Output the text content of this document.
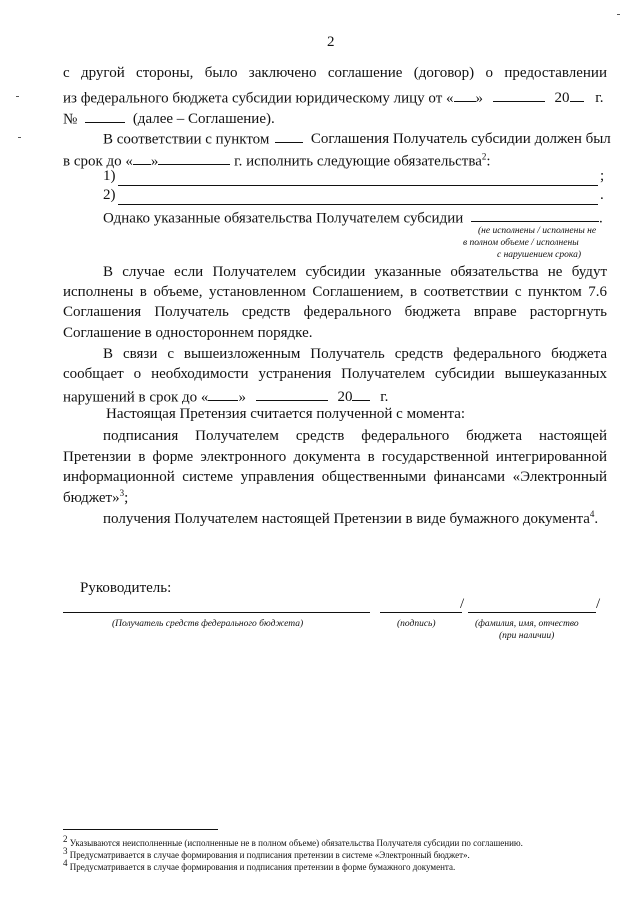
2
с другой стороны, было заключено соглашение (договор) о предоставлении
из федерального бюджета субсидии юридическому лицу от « »	20 г.
№	(далее – Соглашение).
В соответствии с пунктом	Соглашения Получатель субсидии должен был
в срок до « »	г. исполнить следующие обязательства$^2$:
1)	;
2)	.
Однако указанные обязательства Получателем субсидии	.
(не исполнены / исполнены не
в полном объеме / исполнены
с нарушением срока)
В случае если Получателем субсидии указанные обязательства не будут
исполнены в объеме, установленном Соглашением, в соответствии с пунктом 7.6
Соглашения Получатель средств федерального бюджета вправе расторгнуть
Соглашение в одностороннем порядке.
В связи с вышеизложенным Получатель средств федерального бюджета
сообщает о необходимости устранения Получателем субсидии вышеуказанных
нарушений в срок до « »	20 г.
Настоящая Претензия считается полученной с момента:
подписания Получателем средств федерального бюджета настоящей
Претензии в форме электронного документа в государственной интегрированной
информационной системе управления общественными финансами «Электронный
бюджет»$^3$;
получения Получателем настоящей Претензии в виде бумажного документа$^4$.
Руководитель:
/	/
(Получатель средств федерального бюджета)	(подпись)	(фамилия, имя, отчество
(при наличии)
$^2$ Указываются неисполненные (исполненные не в полном объеме) обязательства Получателя субсидии по соглашению.
$^3$ Предусматривается в случае формирования и подписания претензии в системе «Электронный бюджет».
$^4$ Предусматривается в случае формирования и подписания претензии в форме бумажного документа.
